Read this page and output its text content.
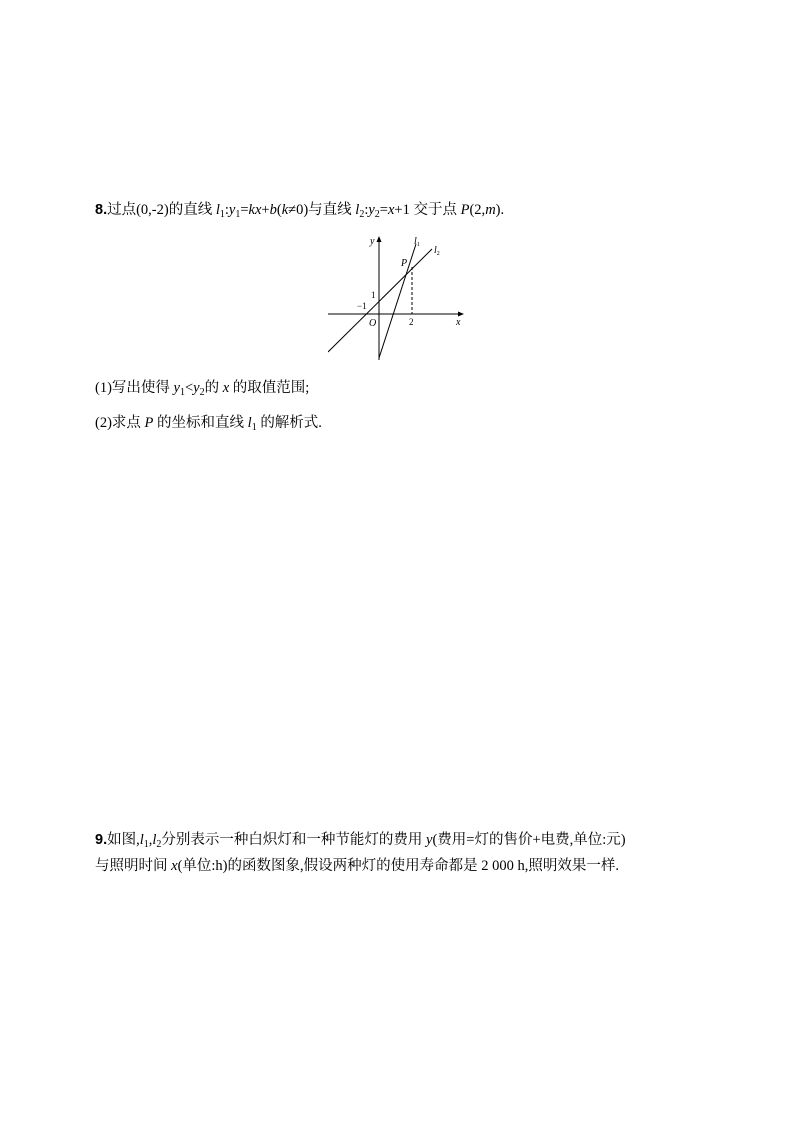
8.过点(0,-2)的直线 $l_1:y_1=kx+b(k\ne 0)$与直线 $l_2:y_2=x+1$ 交于点 P(2,m).
y
x
O
−1
1
2
P
$l_1$ $l_2$
(1)写出使得 $y_1<y_2$的 x 的取值范围;
(2)求点 P 的坐标和直线 $l_1$ 的解析式.
9.如图$,l_1,l_2$分别表示一种白炽灯和一种节能灯的费用 y(费用=灯的售价+电费,单位:元)
与照明时间 x(单位:h)的函数图象,假设两种灯的使用寿命都是 2 000 h,照明效果一样.
